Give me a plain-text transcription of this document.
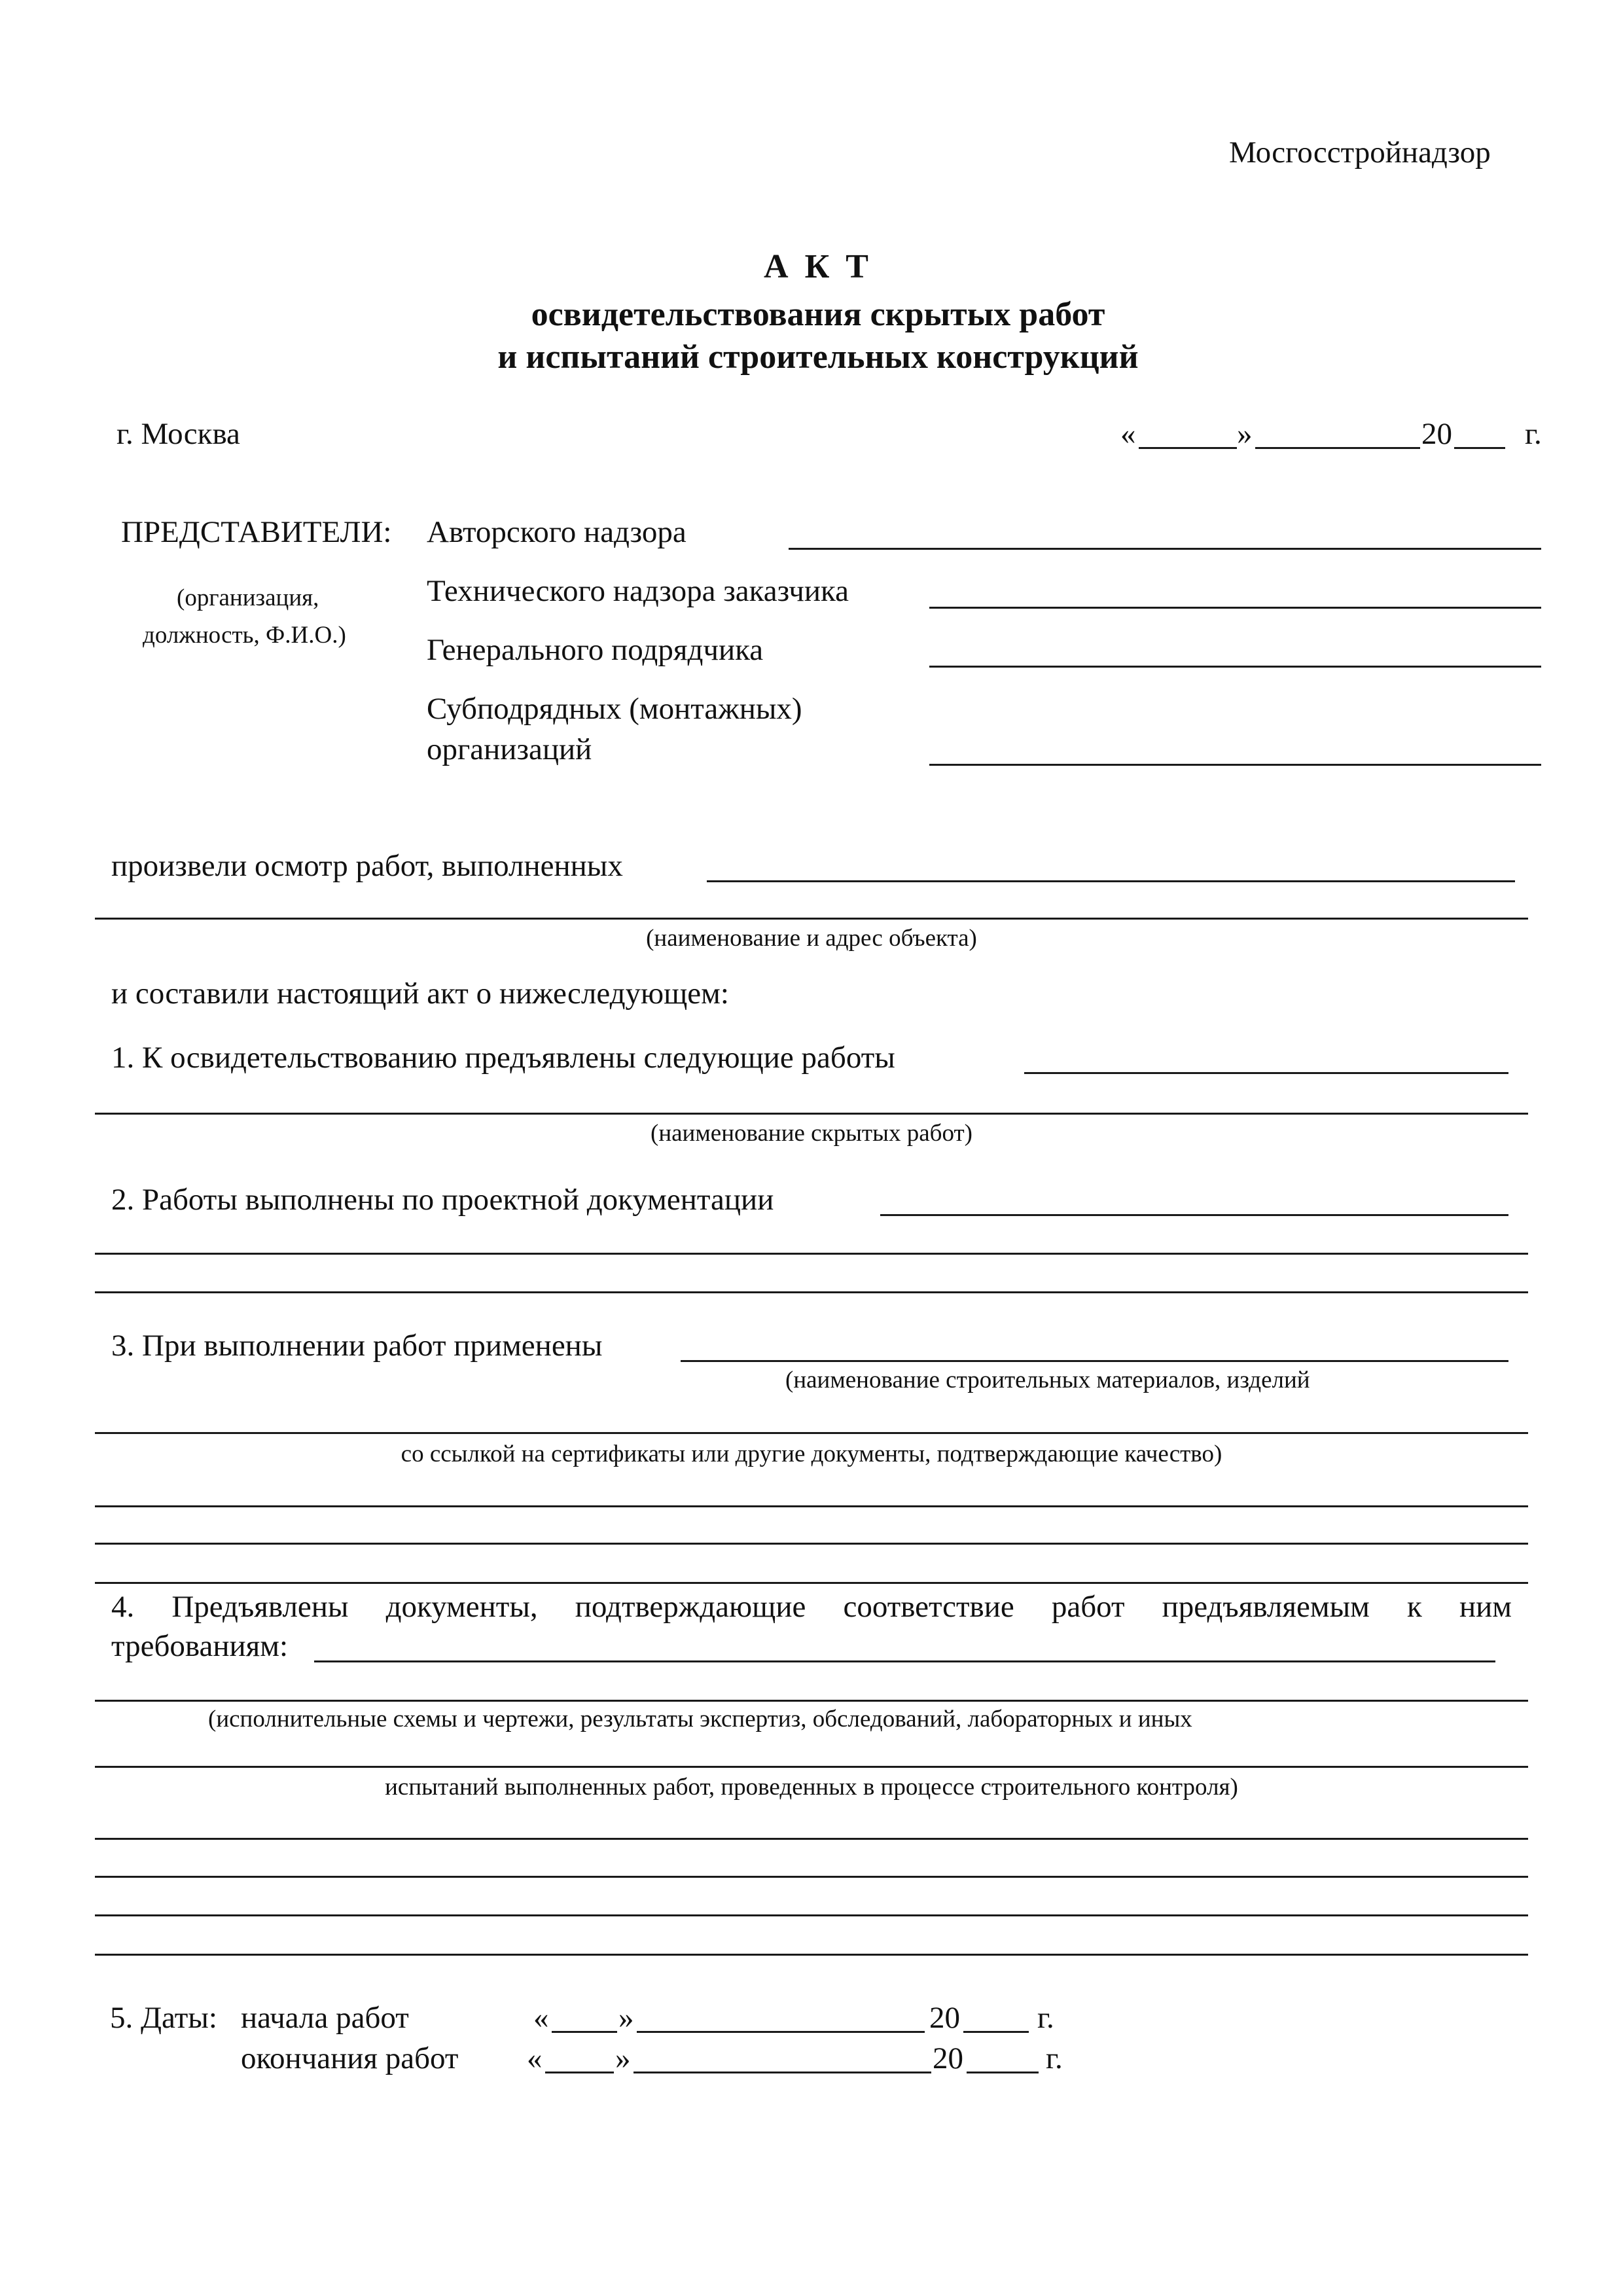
Мосгосстройнадзор
А К Т
освидетельствования скрытых работ
и испытаний строительных конструкций
г. Москва	«	»	20 г.
ПРЕДСТАВИТЕЛИ:
(организация,
должность, Ф.И.О.)
Авторского надзора
Технического надзора заказчика
Генерального подрядчика
Субподрядных (монтажных)
организаций
произвели осмотр работ, выполненных
(наименование и адрес объекта)
и составили настоящий акт о нижеследующем:
1. К освидетельствованию предъявлены следующие работы
(наименование скрытых работ)
2. Работы выполнены по проектной документации
3. При выполнении работ применены
(наименование строительных материалов, изделий
со ссылкой на сертификаты или другие документы, подтверждающие качество)
4. Предъявлены документы, подтверждающие соответствие работ предъявляемым к ним
требованиям:
(исполнительные схемы и чертежи, результаты экспертиз, обследований, лабораторных и иных
испытаний выполненных работ, проведенных в процессе строительного контроля)
5. Даты: начала работ	« »	20	г.
окончания работ « »	20	г.
